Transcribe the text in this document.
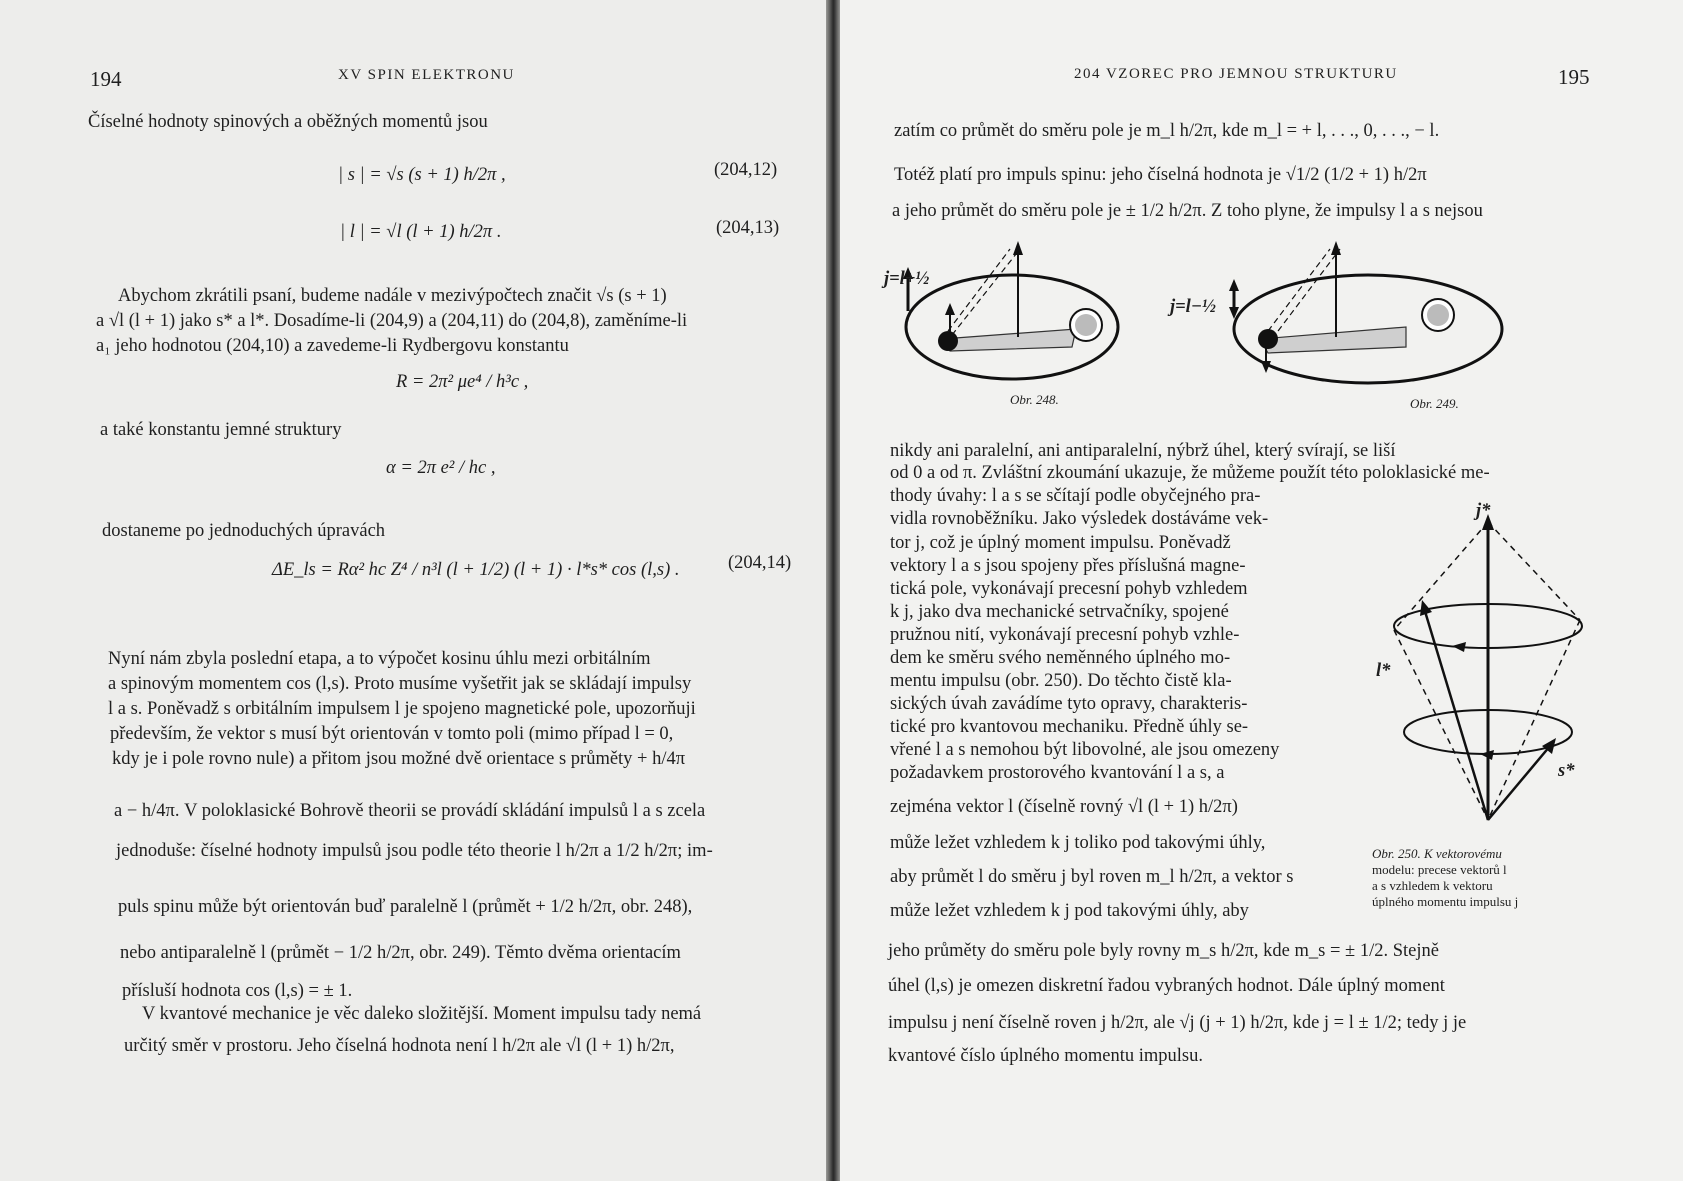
194	XV SPIN ELEKTRONU
Číselné hodnoty spinových a oběžných momentů jsou
| s | = √s (s + 1) h/2π ,	(204,12)
| l | = √l (l + 1) h/2π .	(204,13)
Abychom zkrátili psaní, budeme nadále v mezivýpočtech značit √s (s + 1)
a √l (l + 1) jako s* a l*. Dosadíme-li (204,9) a (204,11) do (204,8), zaměníme-li
a₁ jeho hodnotou (204,10) a zavedeme-li Rydbergovu konstantu
R = 2π² μe⁴ / h³c ,
a také konstantu jemné struktury
α = 2π e² / hc ,
dostaneme po jednoduchých úpravách
ΔE_ls = Rα² hc Z⁴ / n³l (l + 1/2) (l + 1) · l*s* cos (l,s) .	(204,14)
Nyní nám zbyla poslední etapa, a to výpočet kosinu úhlu mezi orbitálním
a spinovým momentem cos (l,s). Proto musíme vyšetřit jak se skládají impulsy
l a s. Poněvadž s orbitálním impulsem l je spojeno magnetické pole, upozorňuji
především, že vektor s musí být orientován v tomto poli (mimo případ l = 0,
kdy je i pole rovno nule) a přitom jsou možné dvě orientace s průměty + h/4π
a − h/4π. V poloklasické Bohrově theorii se provádí skládání impulsů l a s zcela
jednoduše: číselné hodnoty impulsů jsou podle této theorie l h/2π a 1/2 h/2π; im-
puls spinu může být orientován buď paralelně l (průmět + 1/2 h/2π, obr. 248),
nebo antiparalelně l (průmět − 1/2 h/2π, obr. 249). Těmto dvěma orientacím
přísluší hodnota cos (l,s) = ± 1.
V kvantové mechanice je věc daleko složitější. Moment impulsu tady nemá
určitý směr v prostoru. Jeho číselná hodnota není l h/2π ale √l (l + 1) h/2π,
204 VZOREC PRO JEMNOU STRUKTURU	195
zatím co průmět do směru pole je m_l h/2π, kde m_l = + l, . . ., 0, . . ., − l.
Totéž platí pro impuls spinu: jeho číselná hodnota je √1/2 (1/2 + 1) h/2π
a jeho průmět do směru pole je ± 1/2 h/2π. Z toho plyne, že impulsy l a s nejsou
j=l+½
Obr. 248.
j=l−½
Obr. 249.
nikdy ani paralelní, ani antiparalelní, nýbrž úhel, který svírají, se liší
od 0 a od π. Zvláštní zkoumání ukazuje, že můžeme použít této poloklasické me-
thody úvahy: l a s se sčítají podle obyčejného pra-
vidla rovnoběžníku. Jako výsledek dostáváme vek-
tor j, což je úplný moment impulsu. Poněvadž
vektory l a s jsou spojeny přes příslušná magne-
tická pole, vykonávají precesní pohyb vzhledem
k j, jako dva mechanické setrvačníky, spojené
pružnou nití, vykonávají precesní pohyb vzhle-
dem ke směru svého neměnného úplného mo-
mentu impulsu (obr. 250). Do těchto čistě kla-
sických úvah zavádíme tyto opravy, charakteris-
tické pro kvantovou mechaniku. Předně úhly se-
vřené l a s nemohou být libovolné, ale jsou omezeny
požadavkem prostorového kvantování l a s, a
zejména vektor l (číselně rovný √l (l + 1) h/2π)
může ležet vzhledem k j toliko pod takovými úhly,
aby průmět l do směru j byl roven m_l h/2π, a vektor s
může ležet vzhledem k j pod takovými úhly, aby
jeho průměty do směru pole byly rovny m_s h/2π, kde m_s = ± 1/2. Stejně
úhel (l,s) je omezen diskretní řadou vybraných hodnot. Dále úplný moment
impulsu j není číselně roven j h/2π, ale √j (j + 1) h/2π, kde j = l ± 1/2; tedy j je
kvantové číslo úplného momentu impulsu.
j*
l*
s*
Obr. 250. K vektorovému
modelu: precese vektorů l
a s vzhledem k vektoru
úplného momentu impulsu j
